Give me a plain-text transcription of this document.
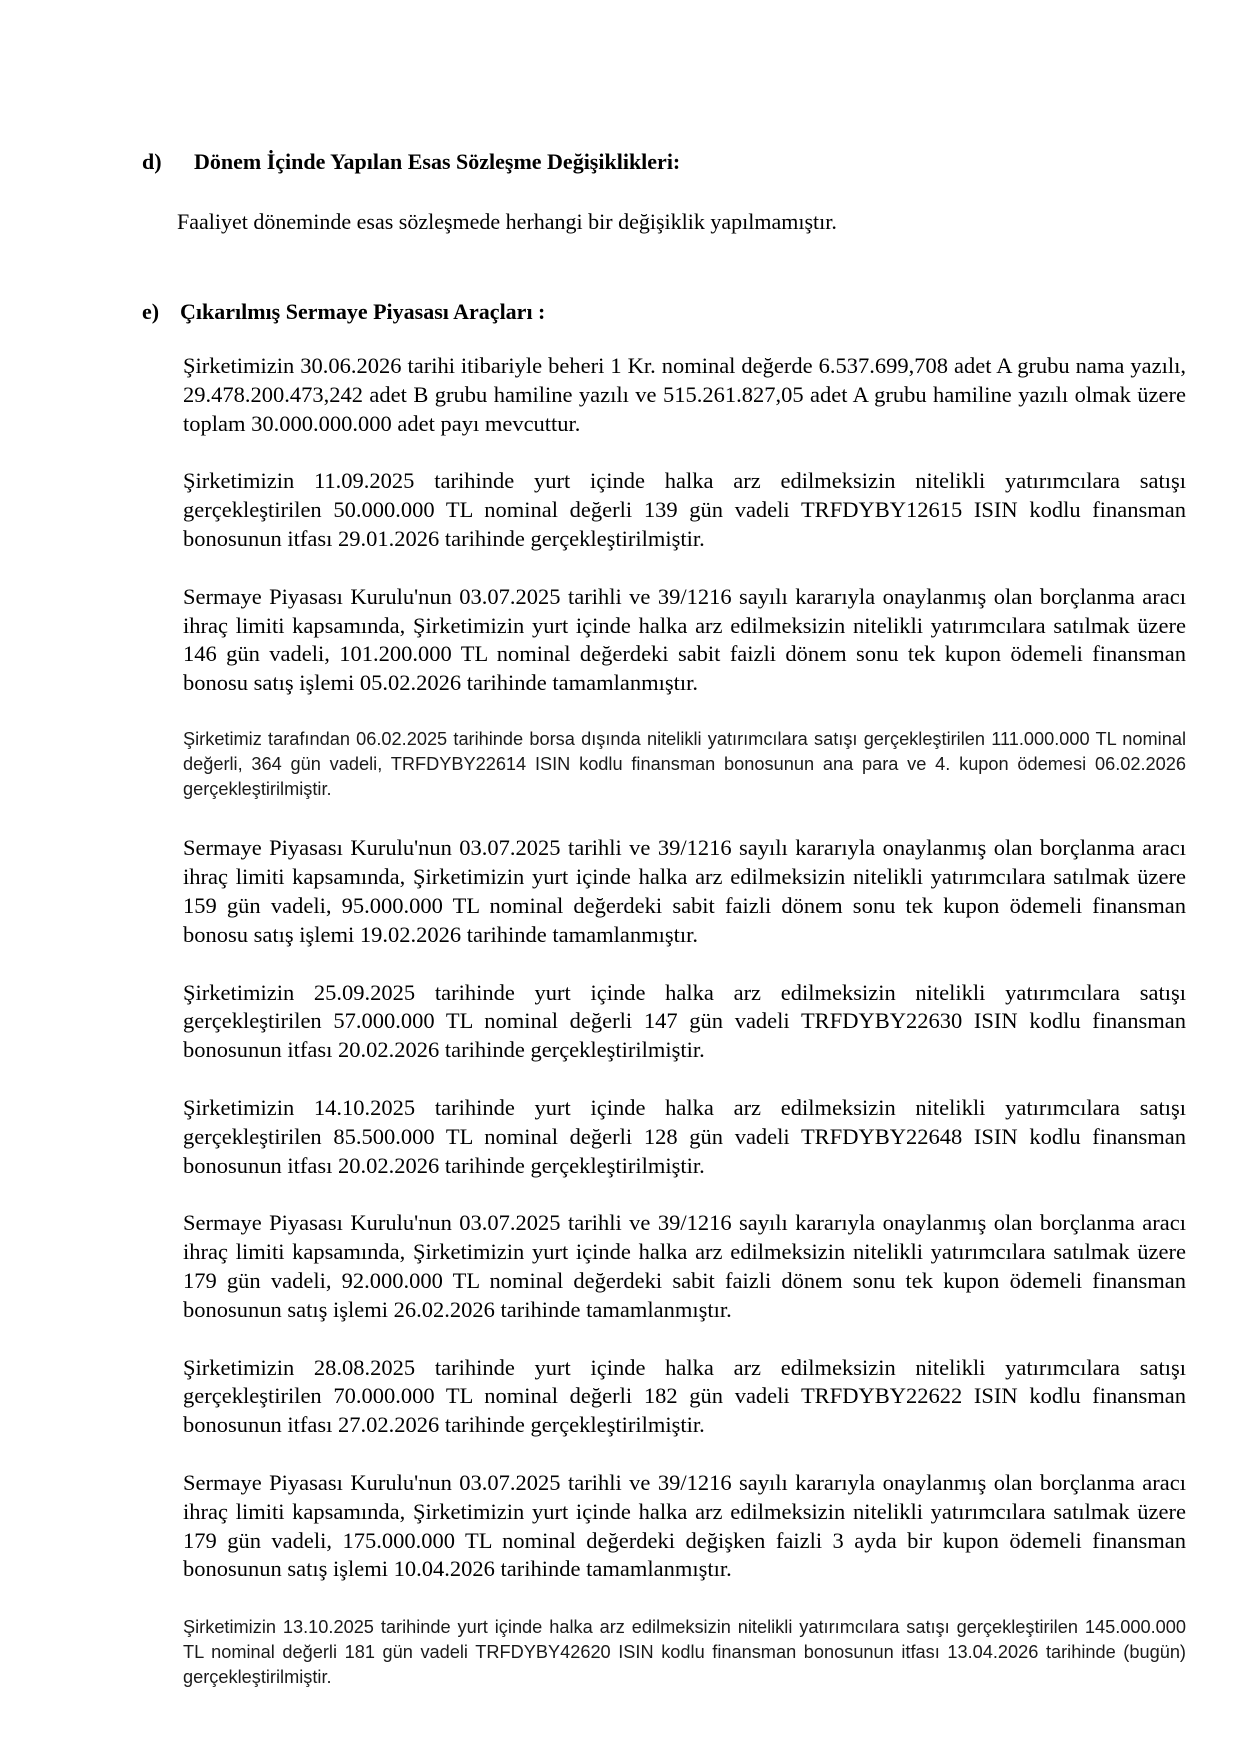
d) Dönem İçinde Yapılan Esas Sözleşme Değişiklikleri:
Faaliyet döneminde esas sözleşmede herhangi bir değişiklik yapılmamıştır.
e) Çıkarılmış Sermaye Piyasası Araçları :

Şirketimizin 30.06.2026 tarihi itibariyle beheri 1 Kr. nominal değerde 6.537.699,708 adet A grubu nama yazılı, 29.478.200.473,242 adet B grubu hamiline yazılı ve 515.261.827,05 adet A grubu hamiline yazılı olmak üzere toplam 30.000.000.000 adet payı mevcuttur.

Şirketimizin 11.09.2025 tarihinde yurt içinde halka arz edilmeksizin nitelikli yatırımcılara satışı gerçekleştirilen 50.000.000 TL nominal değerli 139 gün vadeli TRFDYBY12615 ISIN kodlu finansman bonosunun itfası 29.01.2026 tarihinde gerçekleştirilmiştir.

Sermaye Piyasası Kurulu'nun 03.07.2025 tarihli ve 39/1216 sayılı kararıyla onaylanmış olan borçlanma aracı ihraç limiti kapsamında, Şirketimizin yurt içinde halka arz edilmeksizin nitelikli yatırımcılara satılmak üzere 146 gün vadeli, 101.200.000 TL nominal değerdeki sabit faizli dönem sonu tek kupon ödemeli finansman bonosu satış işlemi 05.02.2026 tarihinde tamamlanmıştır.

Şirketimiz tarafından 06.02.2025 tarihinde borsa dışında nitelikli yatırımcılara satışı gerçekleştirilen 111.000.000 TL nominal değerli, 364 gün vadeli, TRFDYBY22614 ISIN kodlu finansman bonosunun ana para ve 4. kupon ödemesi 06.02.2026 gerçekleştirilmiştir.

Sermaye Piyasası Kurulu'nun 03.07.2025 tarihli ve 39/1216 sayılı kararıyla onaylanmış olan borçlanma aracı ihraç limiti kapsamında, Şirketimizin yurt içinde halka arz edilmeksizin nitelikli yatırımcılara satılmak üzere 159 gün vadeli, 95.000.000 TL nominal değerdeki sabit faizli dönem sonu tek kupon ödemeli finansman bonosu satış işlemi 19.02.2026 tarihinde tamamlanmıştır.

Şirketimizin 25.09.2025 tarihinde yurt içinde halka arz edilmeksizin nitelikli yatırımcılara satışı gerçekleştirilen 57.000.000 TL nominal değerli 147 gün vadeli TRFDYBY22630 ISIN kodlu finansman bonosunun itfası 20.02.2026 tarihinde gerçekleştirilmiştir.

Şirketimizin 14.10.2025 tarihinde yurt içinde halka arz edilmeksizin nitelikli yatırımcılara satışı gerçekleştirilen 85.500.000 TL nominal değerli 128 gün vadeli TRFDYBY22648 ISIN kodlu finansman bonosunun itfası 20.02.2026 tarihinde gerçekleştirilmiştir.

Sermaye Piyasası Kurulu'nun 03.07.2025 tarihli ve 39/1216 sayılı kararıyla onaylanmış olan borçlanma aracı ihraç limiti kapsamında, Şirketimizin yurt içinde halka arz edilmeksizin nitelikli yatırımcılara satılmak üzere 179 gün vadeli, 92.000.000 TL nominal değerdeki sabit faizli dönem sonu tek kupon ödemeli finansman bonosunun satış işlemi 26.02.2026 tarihinde tamamlanmıştır.

Şirketimizin 28.08.2025 tarihinde yurt içinde halka arz edilmeksizin nitelikli yatırımcılara satışı gerçekleştirilen 70.000.000 TL nominal değerli 182 gün vadeli TRFDYBY22622 ISIN kodlu finansman bonosunun itfası 27.02.2026 tarihinde gerçekleştirilmiştir.

Sermaye Piyasası Kurulu'nun 03.07.2025 tarihli ve 39/1216 sayılı kararıyla onaylanmış olan borçlanma aracı ihraç limiti kapsamında, Şirketimizin yurt içinde halka arz edilmeksizin nitelikli yatırımcılara satılmak üzere 179 gün vadeli, 175.000.000 TL nominal değerdeki değişken faizli 3 ayda bir kupon ödemeli finansman bonosunun satış işlemi 10.04.2026 tarihinde tamamlanmıştır.

Şirketimizin 13.10.2025 tarihinde yurt içinde halka arz edilmeksizin nitelikli yatırımcılara satışı gerçekleştirilen 145.000.000 TL nominal değerli 181 gün vadeli TRFDYBY42620 ISIN kodlu finansman bonosunun itfası 13.04.2026 tarihinde (bugün) gerçekleştirilmiştir.
